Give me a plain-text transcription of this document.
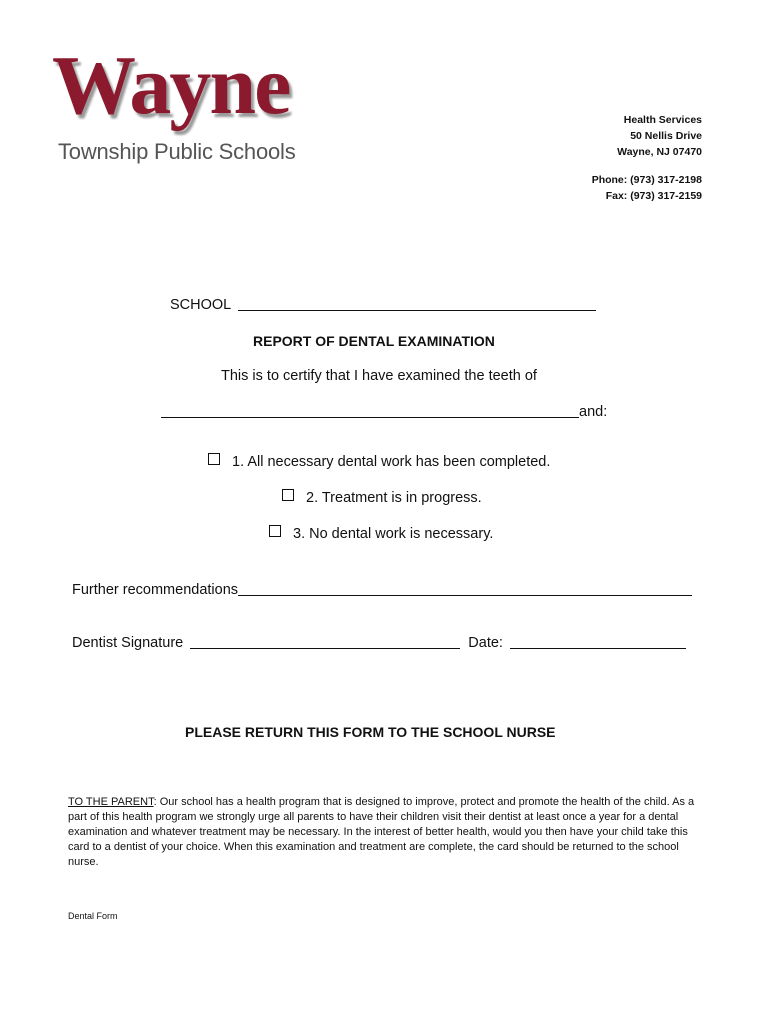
Wayne
Township Public Schools
Health Services
50 Nellis Drive
Wayne, NJ 07470
Phone: (973) 317-2198
Fax: (973) 317-2159
SCHOOL
REPORT OF DENTAL EXAMINATION
This is to certify that I have examined the teeth of
and:
1. All necessary dental work has been completed.
2. Treatment is in progress.
3. No dental work is necessary.
Further recommendations
Dentist Signature	Date:
PLEASE RETURN THIS FORM TO THE SCHOOL NURSE
TO THE PARENT: Our school has a health program that is designed to improve, protect and promote the health of the child. As a part of this health program we strongly urge all parents to have their children visit their dentist at least once a year for a dental examination and whatever treatment may be necessary. In the interest of better health, would you then have your child take this card to a dentist of your choice. When this examination and treatment are complete, the card should be returned to the school nurse.
Dental Form
